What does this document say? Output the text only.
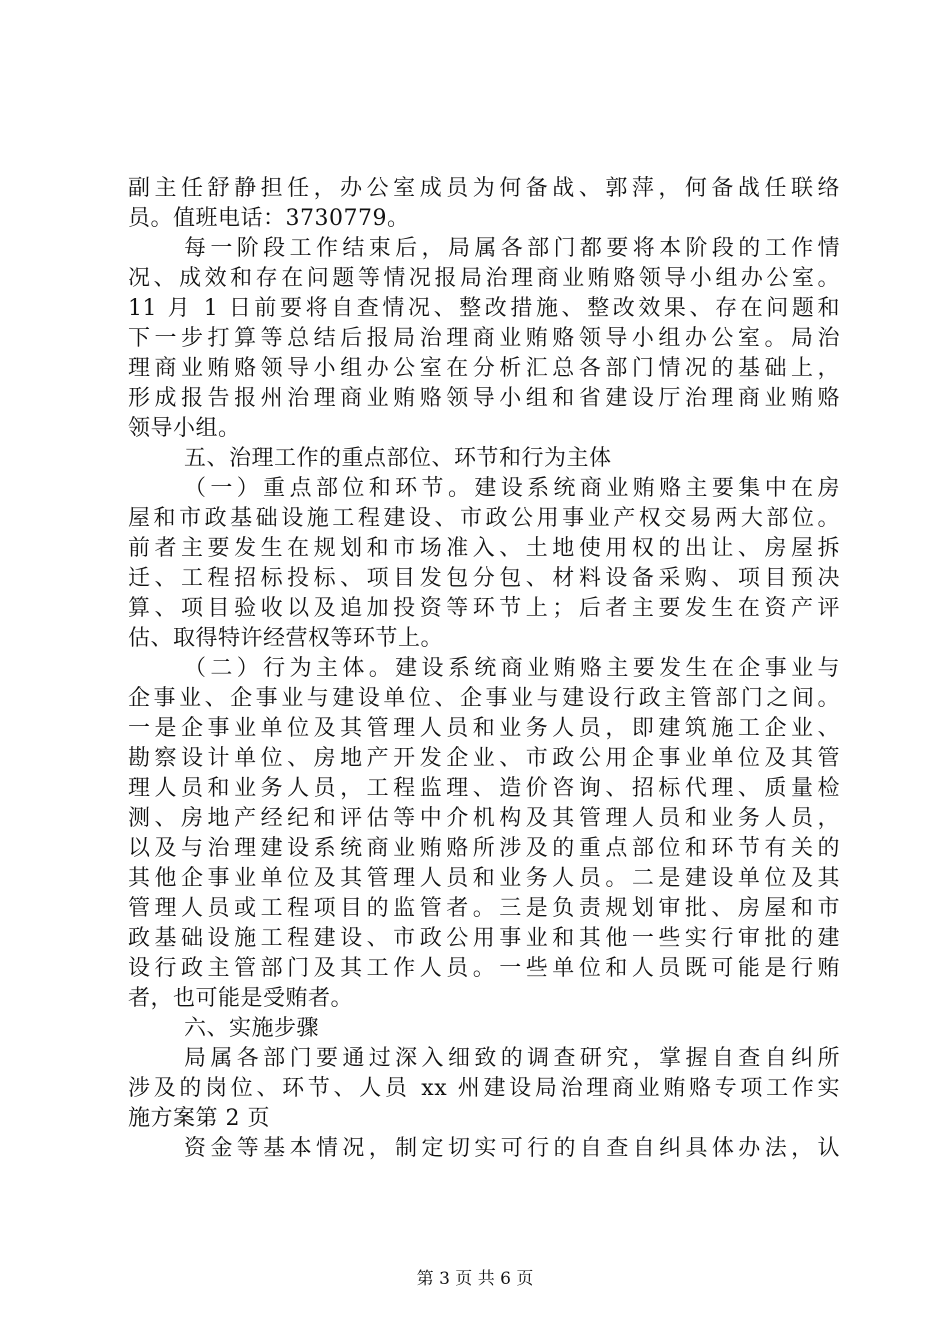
副主任舒静担任，办公室成员为何备战、郭萍，何备战任联络
员。值班电话：3730779。
每一阶段工作结束后，局属各部门都要将本阶段的工作情
况、成效和存在问题等情况报局治理商业贿赂领导小组办公室。
11 月 1 日前要将自查情况、整改措施、整改效果、存在问题和
下一步打算等总结后报局治理商业贿赂领导小组办公室。局治
理商业贿赂领导小组办公室在分析汇总各部门情况的基础上，
形成报告报州治理商业贿赂领导小组和省建设厅治理商业贿赂
领导小组。
五、治理工作的重点部位、环节和行为主体
（一）重点部位和环节。建设系统商业贿赂主要集中在房
屋和市政基础设施工程建设、市政公用事业产权交易两大部位。
前者主要发生在规划和市场准入、土地使用权的出让、房屋拆
迁、工程招标投标、项目发包分包、材料设备采购、项目预决
算、项目验收以及追加投资等环节上；后者主要发生在资产评
估、取得特许经营权等环节上。
（二）行为主体。建设系统商业贿赂主要发生在企事业与
企事业、企事业与建设单位、企事业与建设行政主管部门之间。
一是企事业单位及其管理人员和业务人员，即建筑施工企业、
勘察设计单位、房地产开发企业、市政公用企事业单位及其管
理人员和业务人员，工程监理、造价咨询、招标代理、质量检
测、房地产经纪和评估等中介机构及其管理人员和业务人员，
以及与治理建设系统商业贿赂所涉及的重点部位和环节有关的
其他企事业单位及其管理人员和业务人员。二是建设单位及其
管理人员或工程项目的监管者。三是负责规划审批、房屋和市
政基础设施工程建设、市政公用事业和其他一些实行审批的建
设行政主管部门及其工作人员。一些单位和人员既可能是行贿
者，也可能是受贿者。
六、实施步骤
局属各部门要通过深入细致的调查研究，掌握自查自纠所
涉及的岗位、环节、人员 xx 州建设局治理商业贿赂专项工作实
施方案第 2 页
资金等基本情况，制定切实可行的自查自纠具体办法，认
第 3 页 共 6 页
